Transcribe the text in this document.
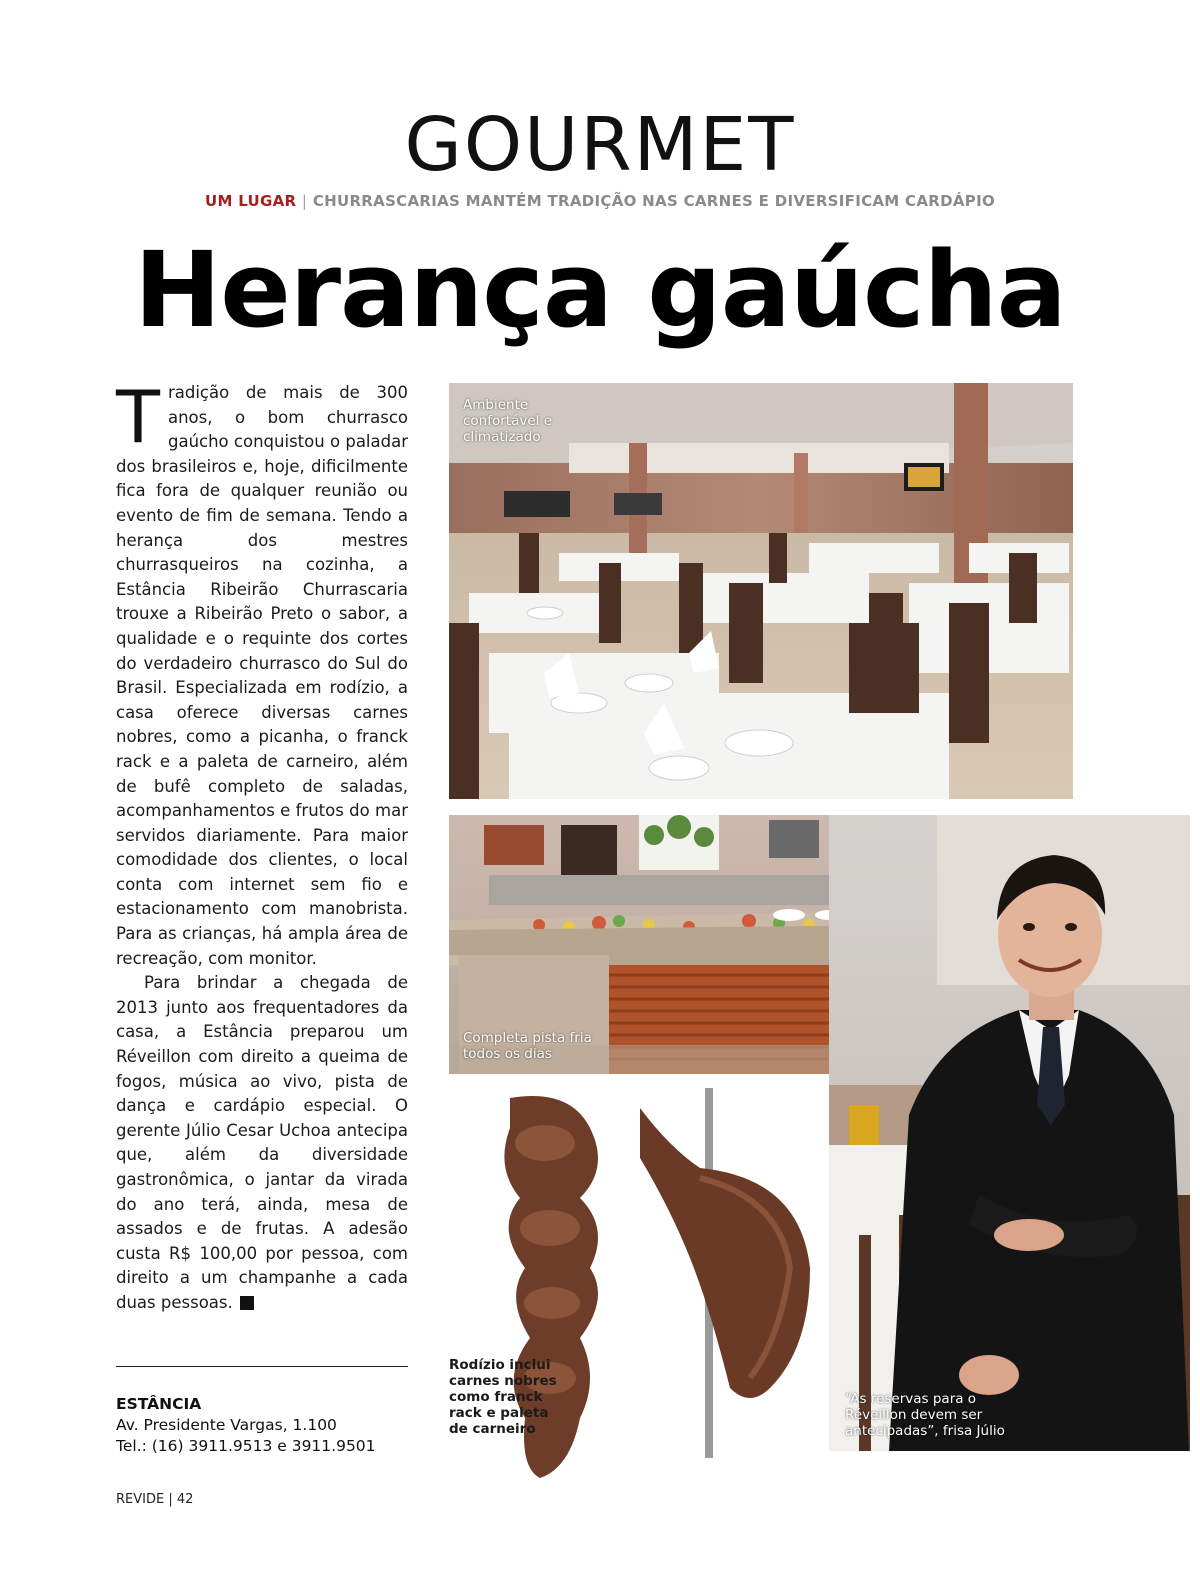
GOURMET
UM LUGAR | CHURRASCARIAS MANTÉM TRADIÇÃO NAS CARNES E DIVERSIFICAM CARDÁPIO
Herança gaúcha

Tradição de mais de 300 anos, o bom churrasco gaúcho conquistou o paladar dos brasileiros e, hoje, dificilmente fica fora de qualquer reunião ou evento de fim de semana. Tendo a herança dos mestres churrasqueiros na cozinha, a Estância Ribeirão Churrascaria trouxe a Ribeirão Preto o sabor, a qualidade e o requinte dos cortes do verdadeiro churrasco do Sul do Brasil. Especializada em rodízio, a casa oferece diversas carnes nobres, como a picanha, o franck rack e a paleta de carneiro, além de bufê completo de saladas, acompanhamentos e frutos do mar servidos diariamente. Para maior comodidade dos clientes, o local conta com internet sem fio e estacionamento com manobrista. Para as crianças, há ampla área de recreação, com monitor.

Para brindar a chegada de 2013 junto aos frequentadores da casa, a Estância preparou um Réveillon com direito a queima de fogos, música ao vivo, pista de dança e cardápio especial. O gerente Júlio Cesar Uchoa antecipa que, além da diversidade gastronômica, o jantar da virada do ano terá, ainda, mesa de assados e de frutas. A adesão custa R$ 100,00 por pessoa, com direito a um champanhe a cada duas pessoas.	r

ESTÂNCIA
Av. Presidente Vargas, 1.100
Tel.: (16) 3911.9513 e 3911.9501
REVIDE | 42
Ambiente confortável e climatizado
Completa pista fria todos os dias
“As reservas para o Réveillon devem ser antecipadas”, frisa Júlio
Rodízio inclui carnes nobres como franck rack e paleta de carneiro
